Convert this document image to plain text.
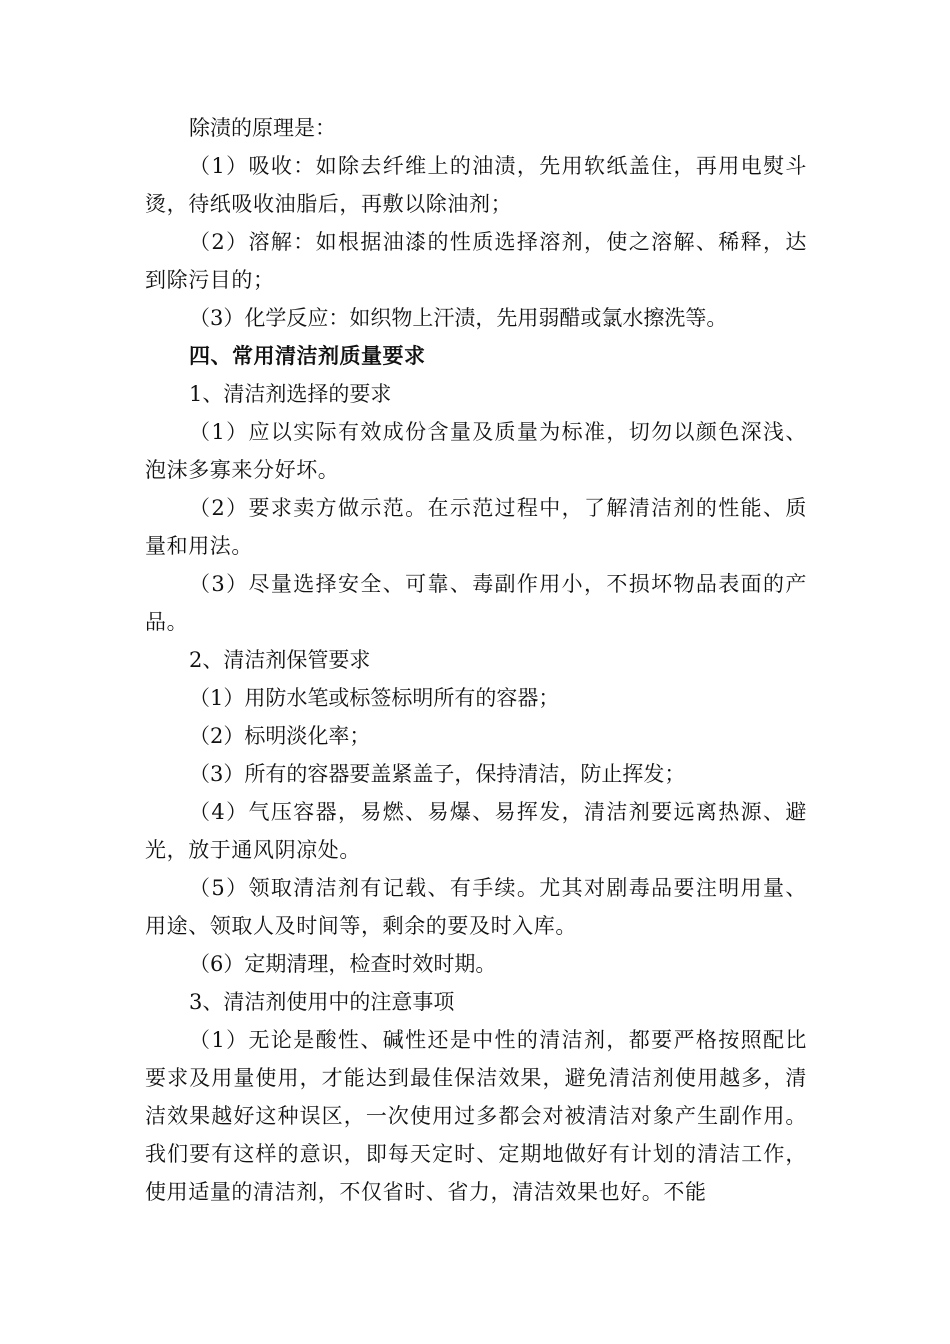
除渍的原理是：

（1）吸收：如除去纤维上的油渍，先用软纸盖住，再用电熨斗烫，待纸吸收油脂后，再敷以除油剂；

（2）溶解：如根据油漆的性质选择溶剂，使之溶解、稀释，达到除污目的；

（3）化学反应：如织物上汗渍，先用弱醋或氯水擦洗等。

四、常用清洁剂质量要求

1、清洁剂选择的要求

（1）应以实际有效成份含量及质量为标准，切勿以颜色深浅、泡沫多寡来分好坏。

（2）要求卖方做示范。在示范过程中，了解清洁剂的性能、质量和用法。

（3）尽量选择安全、可靠、毒副作用小，不损坏物品表面的产品。

2、清洁剂保管要求

（1）用防水笔或标签标明所有的容器；

（2）标明淡化率；

（3）所有的容器要盖紧盖子，保持清洁，防止挥发；

（4）气压容器，易燃、易爆、易挥发，清洁剂要远离热源、避光，放于通风阴凉处。

（5）领取清洁剂有记载、有手续。尤其对剧毒品要注明用量、用途、领取人及时间等，剩余的要及时入库。

（6）定期清理，检查时效时期。

3、清洁剂使用中的注意事项

（1）无论是酸性、碱性还是中性的清洁剂，都要严格按照配比要求及用量使用，才能达到最佳保洁效果，避免清洁剂使用越多，清洁效果越好这种误区，一次使用过多都会对被清洁对象产生副作用。我们要有这样的意识，即每天定时、定期地做好有计划的清洁工作，使用适量的清洁剂，不仅省时、省力，清洁效果也好。不能
